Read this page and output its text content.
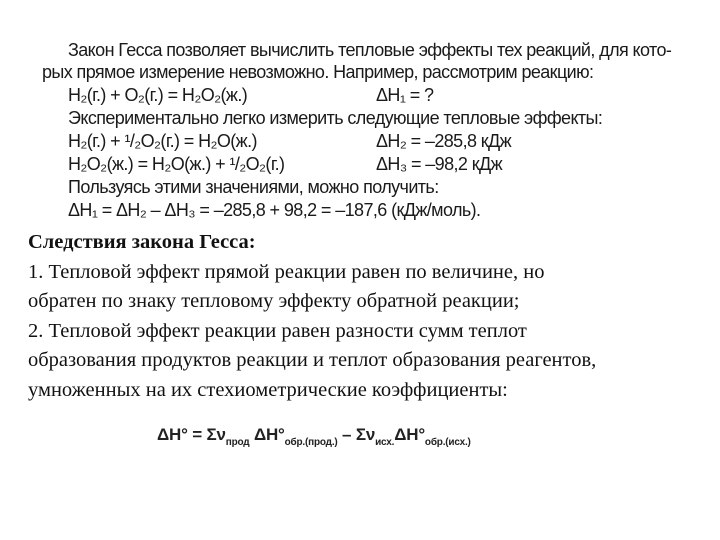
Закон Гесса позволяет вычислить тепловые эффекты тех реакций, для кото-
рых прямое измерение невозможно. Например, рассмотрим реакцию:
H₂(г.) + O₂(г.) = H₂O₂(ж.)	ΔH₁ = ?
Экспериментально легко измерить следующие тепловые эффекты:
H₂(г.) + ¹/₂O₂(г.) = H₂O(ж.)	ΔH₂ = –285,8 кДж
H₂O₂(ж.) = H₂O(ж.) + ¹/₂O₂(г.)	ΔH₃ = –98,2 кДж
Пользуясь этими значениями, можно получить:
ΔH₁ = ΔH₂ – ΔH₃ = –285,8 + 98,2 = –187,6 (кДж/моль).
Следствия закона Гесса:
1. Тепловой эффект прямой реакции равен по величине, но
обратен по знаку тепловому эффекту обратной реакции;
2. Тепловой эффект реакции равен разности сумм теплот
образования продуктов реакции и теплот образования реагентов,
умноженных на их стехиометрические коэффициенты:
$\Delta H^\circ = \Sigma\nu_{прод}$ $\Delta H^\circ_{обр.(прод.)} - \Sigma\nu_{исх.}\Delta H^\circ_{обр.(исх.)}$
